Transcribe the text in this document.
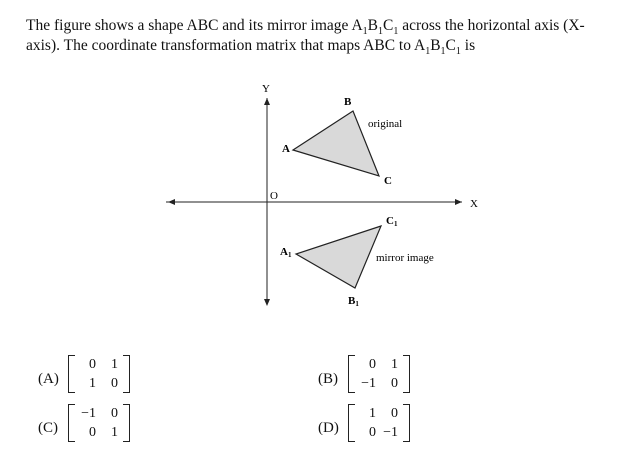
The figure shows a shape ABC and its mirror image $A_1B_1C_1$ across the horizontal axis (X-
axis). The coordinate transformation matrix that maps ABC to $A_1B_1C_1$ is
Y
X
O
A
B
C
original
mirror image
A1
B1
C1
(A)
0	1
1	0	(B)
0	1
−1	0
(C)
−1	0
0	1	(D)
1	0
0 −1
